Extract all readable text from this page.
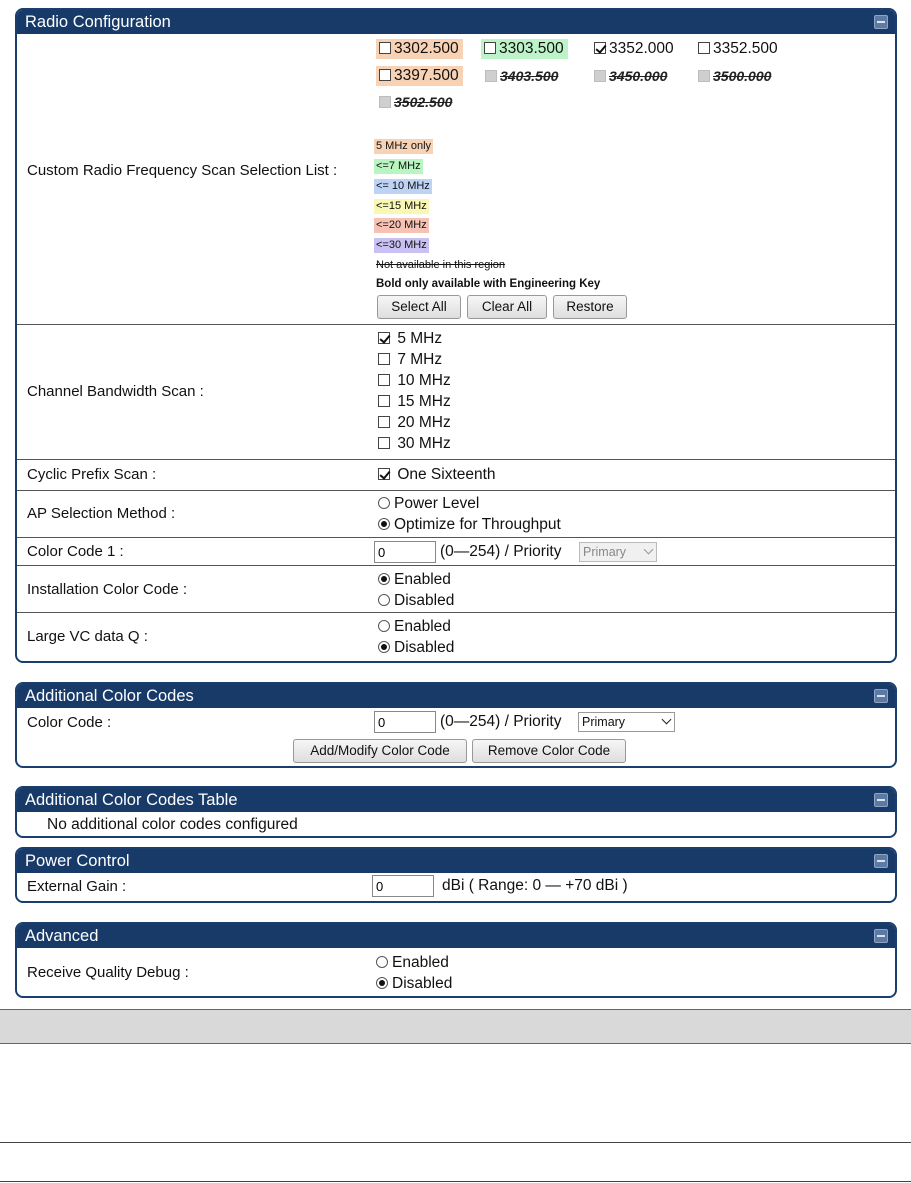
Radio Configuration
Custom Radio Frequency Scan Selection List :
3302.500	3303.500	3352.000	3352.500
3397.500	3403.500	3450.000	3500.000
3502.500
5 MHz only
<=7 MHz
<= 10 MHz
<=15 MHz
<=20 MHz
<=30 MHz
Not available in this region
Bold only available with Engineering Key
Select All	Clear All	Restore
Channel Bandwidth Scan :
5 MHz
7 MHz
10 MHz
15 MHz
20 MHz
30 MHz
Cyclic Prefix Scan :	One Sixteenth
AP Selection Method :
Power Level
Optimize for Throughput
Color Code 1 :
0	(0—254) / Priority	Primary
Installation Color Code :
Enabled
Disabled
Large VC data Q :
Enabled
Disabled
Additional Color Codes
Color Code :
0	(0—254) / Priority	Primary
Add/Modify Color Code	Remove Color Code
Additional Color Codes Table
No additional color codes configured
Power Control
External Gain :
0	dBi ( Range: 0 — +70 dBi )
Advanced
Receive Quality Debug :
Enabled
Disabled
